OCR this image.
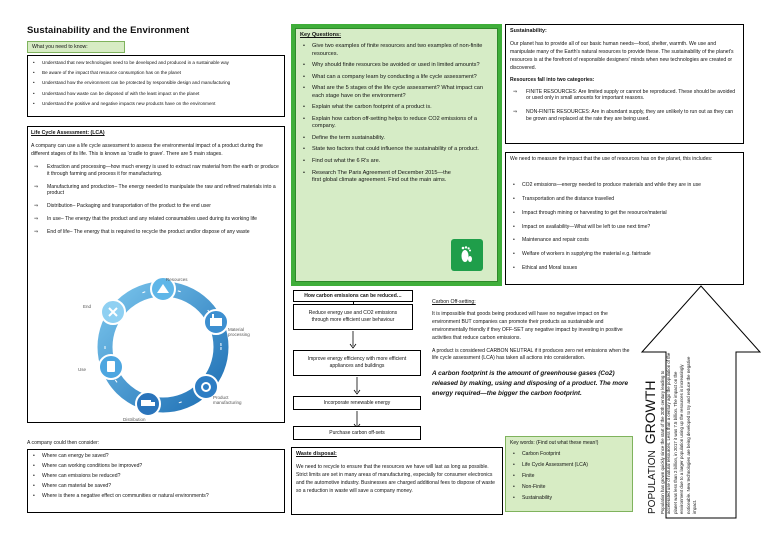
Sustainability and the Environment
What you need to know:
• Understand that new technologies need to be developed and produced in a sustainable way
• Be aware of the impact that resource consumption has on the planet
• Understand how the environment can be protected by responsible design and manufacturing
• Understand how waste can be disposed of with the least impact on the planet
• Understand the positive and negative impacts new products have on the environment
Life Cycle Assessment: (LCA)
A company can use a life cycle assessment to assess the environmental impact of a product during the different stages of its life. This is known as 'cradle to grave'. There are 5 main stages.
⇒ Extraction and processing—how much energy is used to extract raw material from the earth or produce it through farming and process it for manufacturing.
⇒ Manufacturing and production– The energy needed to manipulate the raw and refined materials into a product
⇒ Distribution– Packaging and transportation of the product to the end user
⇒ In use– The energy that the product and any related consumables used during its working life
⇒ End of life– The energy that is required to recycle the product and/or dispose of any waste
Resources
Material
processing
Product
manufacturing
Distribution
Use
End
A company could then consider:
• Where can energy be saved?
• Where can working conditions be improved?
• Where can emissions be reduced?
• Where can material be saved?
• Where is there a negative effect on communities or natural environments?
Key Questions:
• Give two examples of finite resources and two examples of non-finite resources.
• Why should finite resources be avoided or used in limited amounts?
• What can a company learn by conducting a life cycle assessment?
• What are the 5 stages of the life cycle assessment? What impact can each stage have on the environment?
• Explain what the carbon footprint of a product is.
• Explain how carbon off-setting helps to reduce CO2 emissions of a company.
• Define the term sustainability.
• State two factors that could influence the sustainability of a product.
• Find out what the 6 R's are.
• Research The Paris Agreement of December 2015—the first global climate agreement. Find out the main aims.
Sustainability:
Our planet has to provide all of our basic human needs—food, shelter, warmth. We use and manipulate many of the Earth's natural resources to provide these. The sustainability of the planet's resources is at the forefront of responsible designers' minds when new technologies are created or discovered.
Resources fall into two categories:
⇒ FINITE RESOURCES: Are limited supply or cannot be reproduced. These should be avoided or used only in small amounts for important reasons.
⇒ NON-FINITE RESOURCES: Are in abundant supply, they are unlikely to run out as they can be grown and replaced at the rate they are being used.
We need to measure the impact that the use of resources has on the planet, this includes:
• CO2 emissions—energy needed to produce materials and while they are in use
• Transportation and the distance travelled
• Impact through mining or harvesting to get the resource/material
• Impact on availability—What will be left to use next time?
• Maintenance and repair costs
• Welfare of workers in supplying the material e.g. fairtrade
• Ethical and Moral issues
How carbon emissions can be reduced…
Reduce energy use and CO2 emissions through more efficient user behaviour
Improve energy efficiency with more efficient appliances and buildings
Incorporate renewable energy
Purchase carbon off-sets
Carbon Off-setting:
It is impossible that goods being produced will have no negative impact on the environment BUT companies can promote their products as sustainable and environmentally friendly if they OFF-SET any negative impact by investing in positive activities that reduce carbon emissions.
A product is considered CARBON NEUTRAL if it produces zero net emissions when the life cycle assessment (LCA) has taken all actions into consideration.
A carbon footprint is the amount of greenhouse gases (Co2) released by making, using and disposing of a product. The more energy required—the bigger the carbon footprint.
Waste disposal:
We need to recycle to ensure that the resources we have will last as long as possible. Strict limits are set in many areas of manufacturing, especially for consumer electronics and the automotive industry. Businesses are charged additional fees to dispose of waste so a reduction in waste will save a company money.
Key words: (Find out what these mean!)
• Carbon Footprint
• Life Cycle Assessment (LCA)
• Finite
• Non-Finite
• Sustainability	POPULATION
GROWTH Population has grown quickly since the start of the 20th century leading to accelerated use of natural resources. Less than a century ago the population of the planet was less than 2 billion, in 2017 it was 7.5 billion. The impact on the environment due to a larger population using up the resources is increasingly noticeable. New technologies are being developed to try and reduce the negative impact.
